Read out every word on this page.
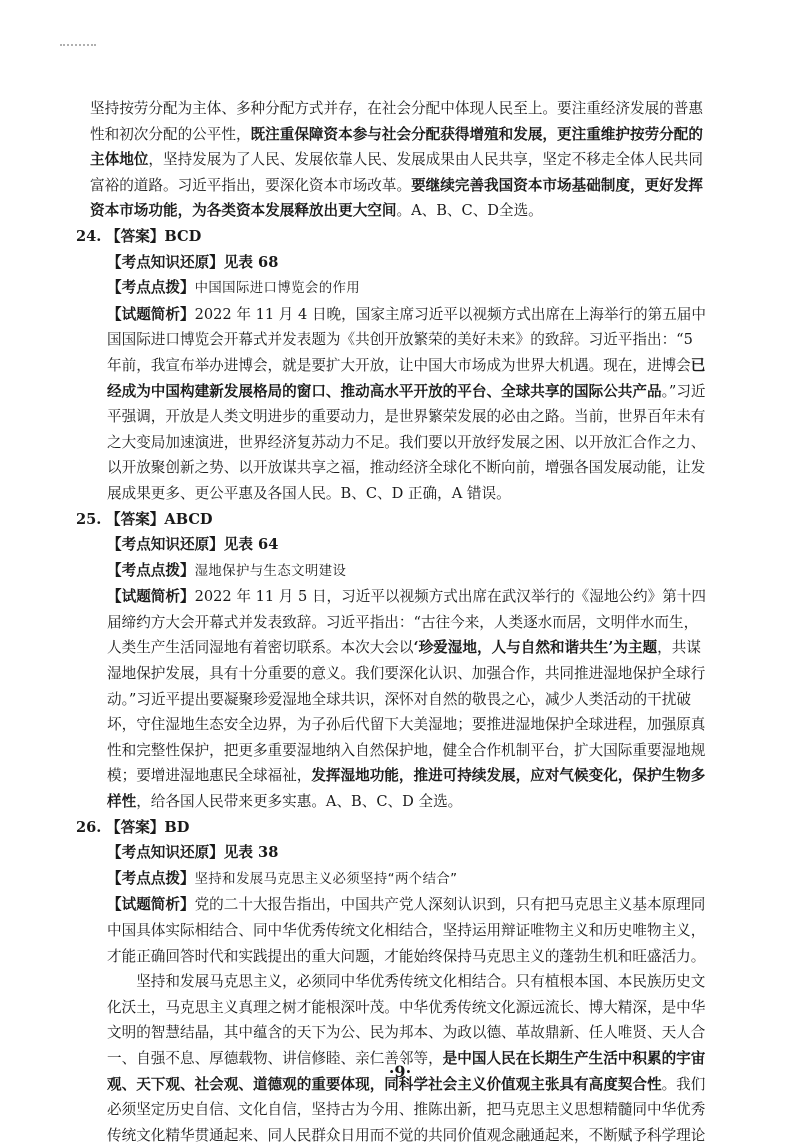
坚持按劳分配为主体、多种分配方式并存，在社会分配中体现人民至上。要注重经济发展的普惠性和初次分配的公平性，既注重保障资本参与社会分配获得增殖和发展，更注重维护按劳分配的主体地位，坚持发展为了人民、发展依靠人民、发展成果由人民共享，坚定不移走全体人民共同富裕的道路。习近平指出，要深化资本市场改革。要继续完善我国资本市场基础制度，更好发挥资本市场功能，为各类资本发展释放出更大空间。A、B、C、D全选。

24. 【答案】BCD

【考点知识还原】见表 68

【考点点拨】中国国际进口博览会的作用

【试题简析】2022 年 11 月 4 日晚，国家主席习近平以视频方式出席在上海举行的第五届中国国际进口博览会开幕式并发表题为《共创开放繁荣的美好未来》的致辞。习近平指出：“5 年前，我宣布举办进博会，就是要扩大开放，让中国大市场成为世界大机遇。现在，进博会已经成为中国构建新发展格局的窗口、推动高水平开放的平台、全球共享的国际公共产品。”习近平强调，开放是人类文明进步的重要动力，是世界繁荣发展的必由之路。当前，世界百年未有之大变局加速演进，世界经济复苏动力不足。我们要以开放纾发展之困、以开放汇合作之力、以开放聚创新之势、以开放谋共享之福，推动经济全球化不断向前，增强各国发展动能，让发展成果更多、更公平惠及各国人民。B、C、D 正确，A 错误。

25. 【答案】ABCD

【考点知识还原】见表 64

【考点点拨】湿地保护与生态文明建设

【试题简析】2022 年 11 月 5 日，习近平以视频方式出席在武汉举行的《湿地公约》第十四届缔约方大会开幕式并发表致辞。习近平指出：“古往今来，人类逐水而居，文明伴水而生，人类生产生活同湿地有着密切联系。本次大会以‘珍爱湿地，人与自然和谐共生’为主题，共谋湿地保护发展，具有十分重要的意义。我们要深化认识、加强合作，共同推进湿地保护全球行动。”习近平提出要凝聚珍爱湿地全球共识，深怀对自然的敬畏之心，减少人类活动的干扰破坏，守住湿地生态安全边界，为子孙后代留下大美湿地；要推进湿地保护全球进程，加强原真性和完整性保护，把更多重要湿地纳入自然保护地，健全合作机制平台，扩大国际重要湿地规模；要增进湿地惠民全球福祉，发挥湿地功能，推进可持续发展，应对气候变化，保护生物多样性，给各国人民带来更多实惠。A、B、C、D 全选。

26. 【答案】BD

【考点知识还原】见表 38

【考点点拨】坚持和发展马克思主义必须坚持“两个结合”

【试题简析】党的二十大报告指出，中国共产党人深刻认识到，只有把马克思主义基本原理同中国具体实际相结合、同中华优秀传统文化相结合，坚持运用辩证唯物主义和历史唯物主义，才能正确回答时代和实践提出的重大问题，才能始终保持马克思主义的蓬勃生机和旺盛活力。

坚持和发展马克思主义，必须同中华优秀传统文化相结合。只有植根本国、本民族历史文化沃土，马克思主义真理之树才能根深叶茂。中华优秀传统文化源远流长、博大精深，是中华文明的智慧结晶，其中蕴含的天下为公、民为邦本、为政以德、革故鼎新、任人唯贤、天人合一、自强不息、厚德载物、讲信修睦、亲仁善邻等，是中国人民在长期生产生活中积累的宇宙观、天下观、社会观、道德观的重要体现，同科学社会主义价值观主张具有高度契合性。我们必须坚定历史自信、文化自信，坚持古为今用、推陈出新，把马克思主义思想精髓同中华优秀传统文化精华贯通起来、同人民群众日用而不觉的共同价值观念融通起来，不断赋予科学理论

·9·
